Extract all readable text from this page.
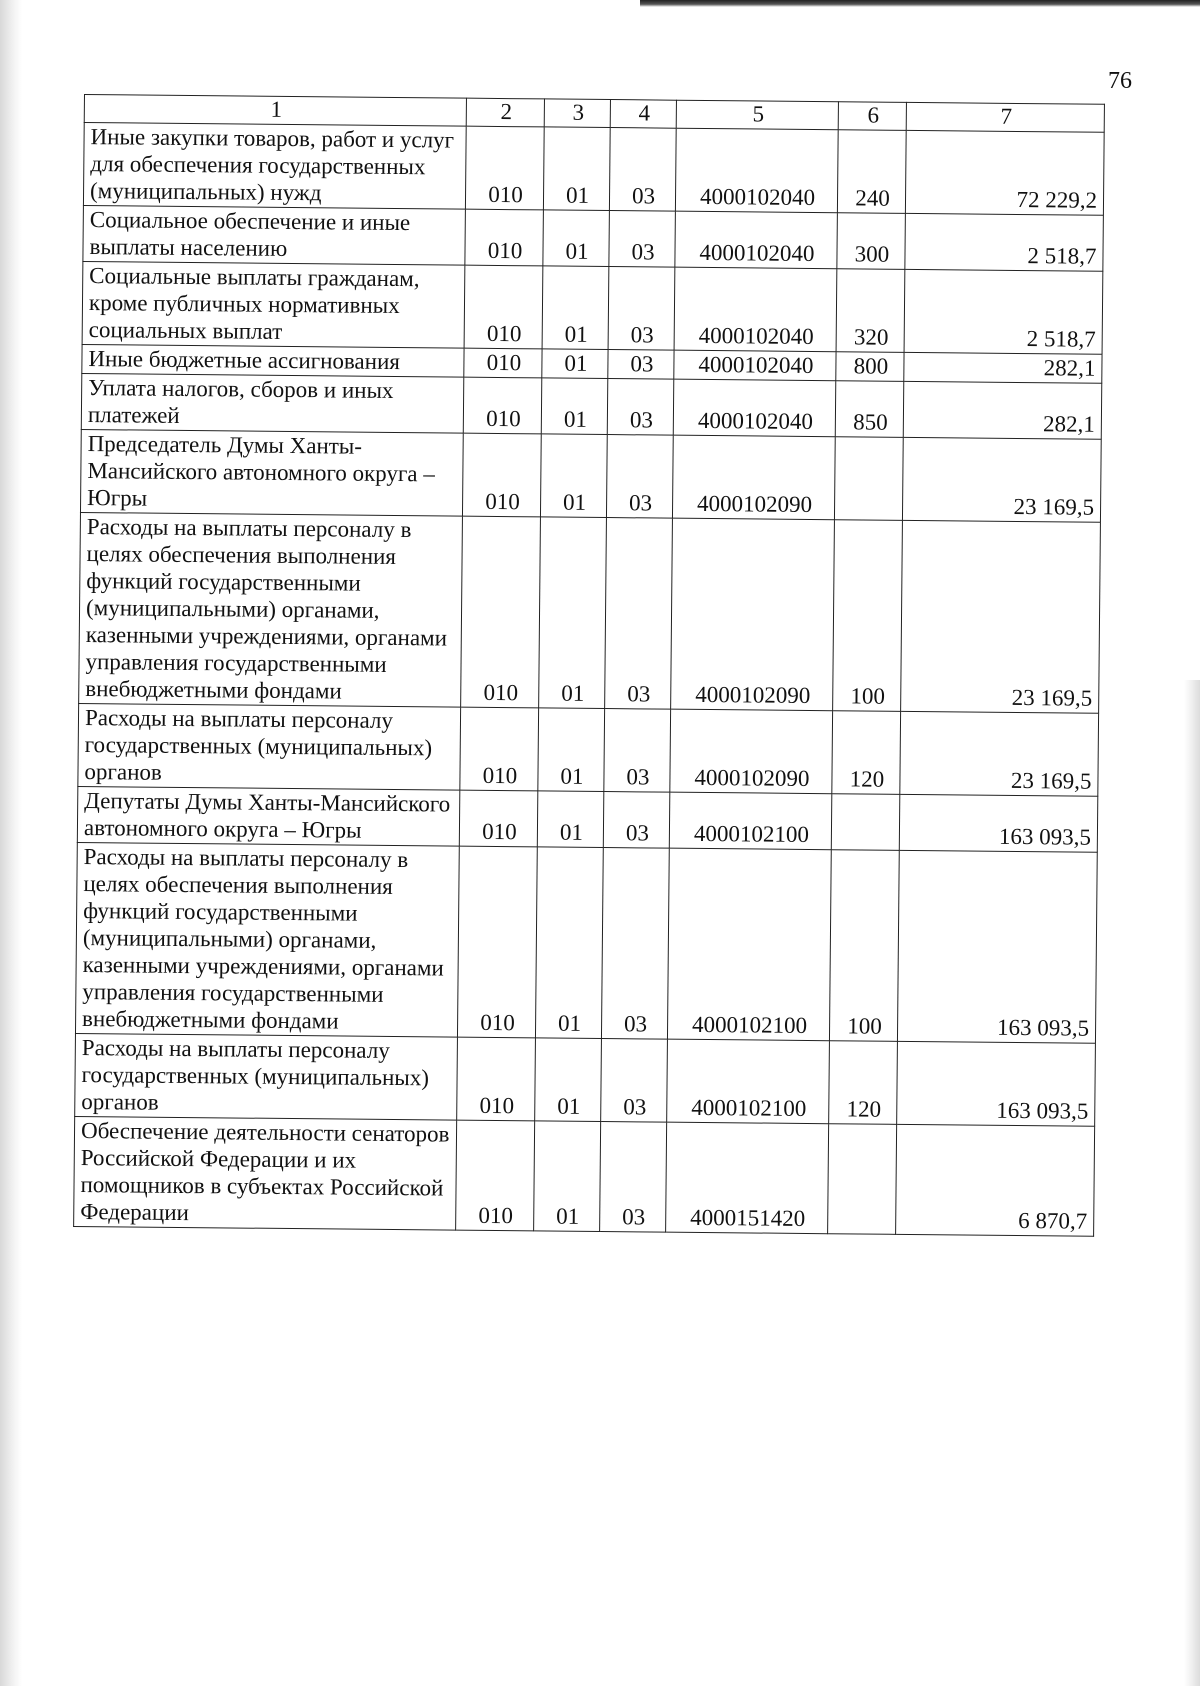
76
1	2	3	4	5	6	7
Иные закупки товаров, работ и услуг для обеспечения государственных (муниципальных) нужд	010	01	03	4000102040	240	72 229,2
Социальное обеспечение и иные выплаты населению	010	01	03	4000102040	300	2 518,7
Социальные выплаты гражданам, кроме публичных нормативных социальных выплат	010	01	03	4000102040	320	2 518,7
Иные бюджетные ассигнования	010	01	03	4000102040	800	282,1
Уплата налогов, сборов и иных платежей	010	01	03	4000102040	850	282,1
Председатель Думы Ханты-Мансийского автономного округа – Югры	010	01	03	4000102090		23 169,5
Расходы на выплаты персоналу в целях обеспечения выполнения функций государственными (муниципальными) органами, казенными учреждениями, органами управления государственными внебюджетными фондами	010	01	03	4000102090	100	23 169,5
Расходы на выплаты персоналу государственных (муниципальных) органов	010	01	03	4000102090	120	23 169,5
Депутаты Думы Ханты-Мансийского автономного округа – Югры	010	01	03	4000102100		163 093,5
Расходы на выплаты персоналу в целях обеспечения выполнения функций государственными (муниципальными) органами, казенными учреждениями, органами управления государственными внебюджетными фондами	010	01	03	4000102100	100	163 093,5
Расходы на выплаты персоналу государственных (муниципальных) органов	010	01	03	4000102100	120	163 093,5
Обеспечение деятельности сенаторов Российской Федерации и их помощников в субъектах Российской Федерации	010	01	03	4000151420		6 870,7
